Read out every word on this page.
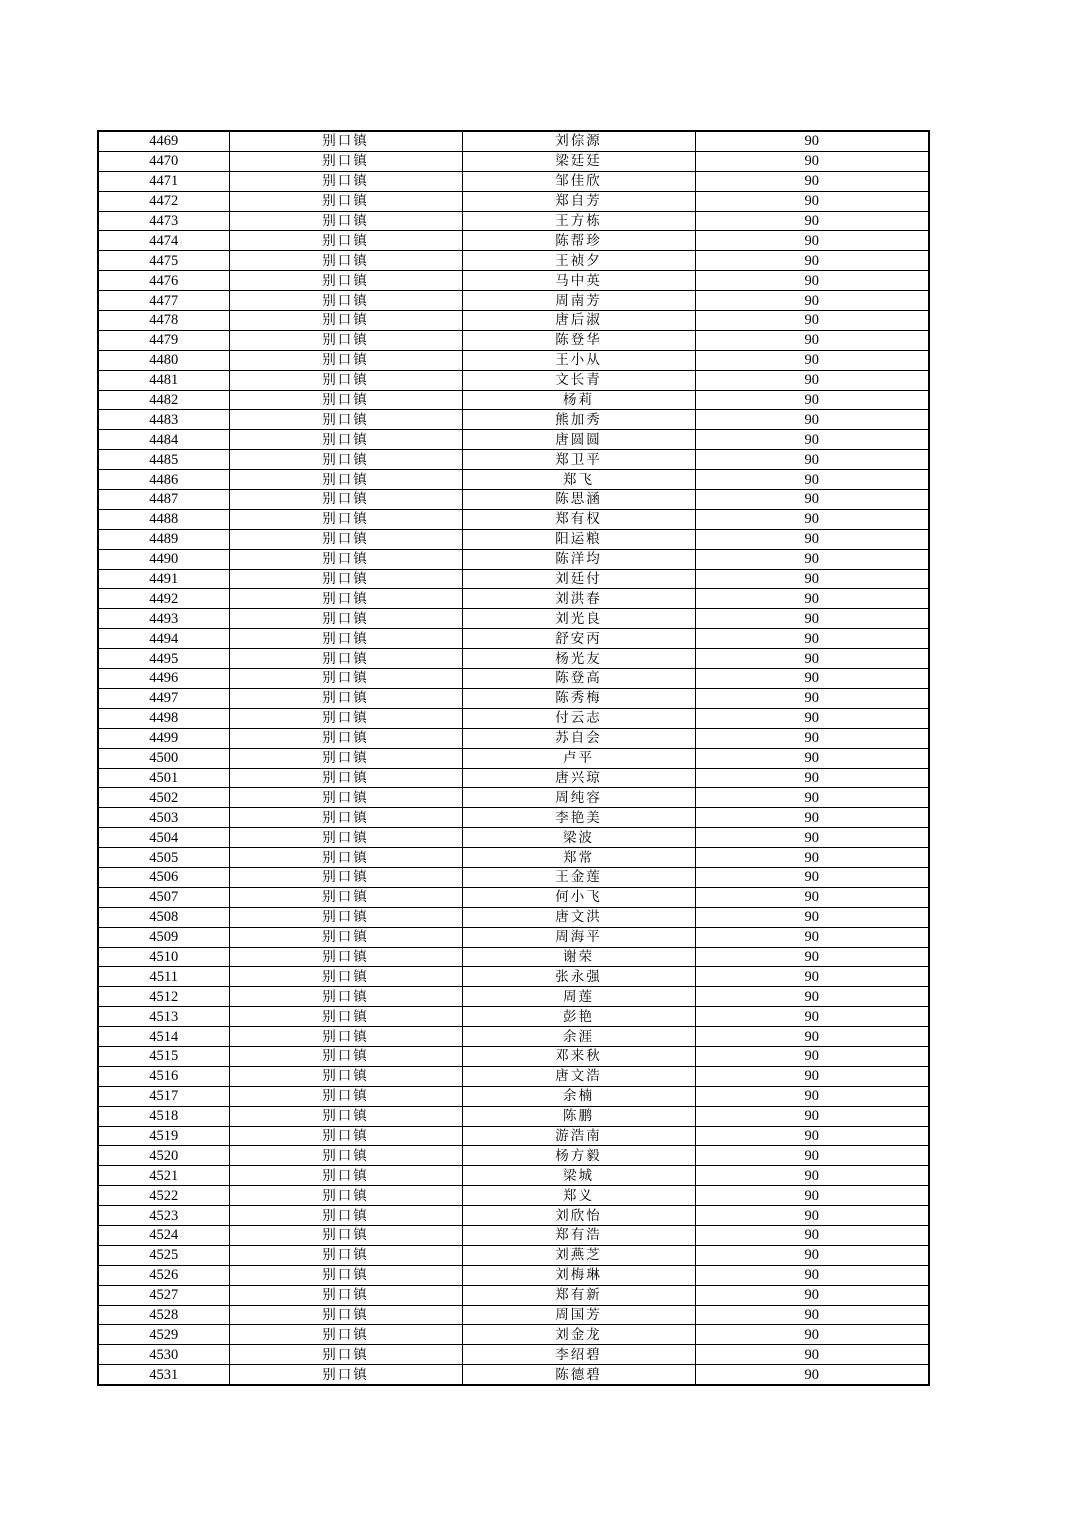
4469	别口镇	刘倧源	90
4470	别口镇	梁廷廷	90
4471	别口镇	邹佳欣	90
4472	别口镇	郑自芳	90
4473	别口镇	王方栋	90
4474	别口镇	陈帮珍	90
4475	别口镇	王祯夕	90
4476	别口镇	马中英	90
4477	别口镇	周南芳	90
4478	别口镇	唐后淑	90
4479	别口镇	陈登华	90
4480	别口镇	王小从	90
4481	别口镇	文长青	90
4482	别口镇	杨莉	90
4483	别口镇	熊加秀	90
4484	别口镇	唐圆圆	90
4485	别口镇	郑卫平	90
4486	别口镇	郑飞	90
4487	别口镇	陈思涵	90
4488	别口镇	郑有权	90
4489	别口镇	阳运粮	90
4490	别口镇	陈洋均	90
4491	别口镇	刘廷付	90
4492	别口镇	刘洪春	90
4493	别口镇	刘光良	90
4494	别口镇	舒安丙	90
4495	别口镇	杨光友	90
4496	别口镇	陈登高	90
4497	别口镇	陈秀梅	90
4498	别口镇	付云志	90
4499	别口镇	苏自会	90
4500	别口镇	卢平	90
4501	别口镇	唐兴琼	90
4502	别口镇	周纯容	90
4503	别口镇	李艳美	90
4504	别口镇	梁波	90
4505	别口镇	郑常	90
4506	别口镇	王金莲	90
4507	别口镇	何小飞	90
4508	别口镇	唐文洪	90
4509	别口镇	周海平	90
4510	别口镇	谢荣	90
4511	别口镇	张永强	90
4512	别口镇	周莲	90
4513	别口镇	彭艳	90
4514	别口镇	余涯	90
4515	别口镇	邓来秋	90
4516	别口镇	唐文浩	90
4517	别口镇	余楠	90
4518	别口镇	陈鹏	90
4519	别口镇	游浩南	90
4520	别口镇	杨方毅	90
4521	别口镇	梁城	90
4522	别口镇	郑义	90
4523	别口镇	刘欣怡	90
4524	别口镇	郑有浩	90
4525	别口镇	刘燕芝	90
4526	别口镇	刘梅琳	90
4527	别口镇	郑有新	90
4528	别口镇	周国芳	90
4529	别口镇	刘金龙	90
4530	别口镇	李绍碧	90
4531	别口镇	陈德碧	90
